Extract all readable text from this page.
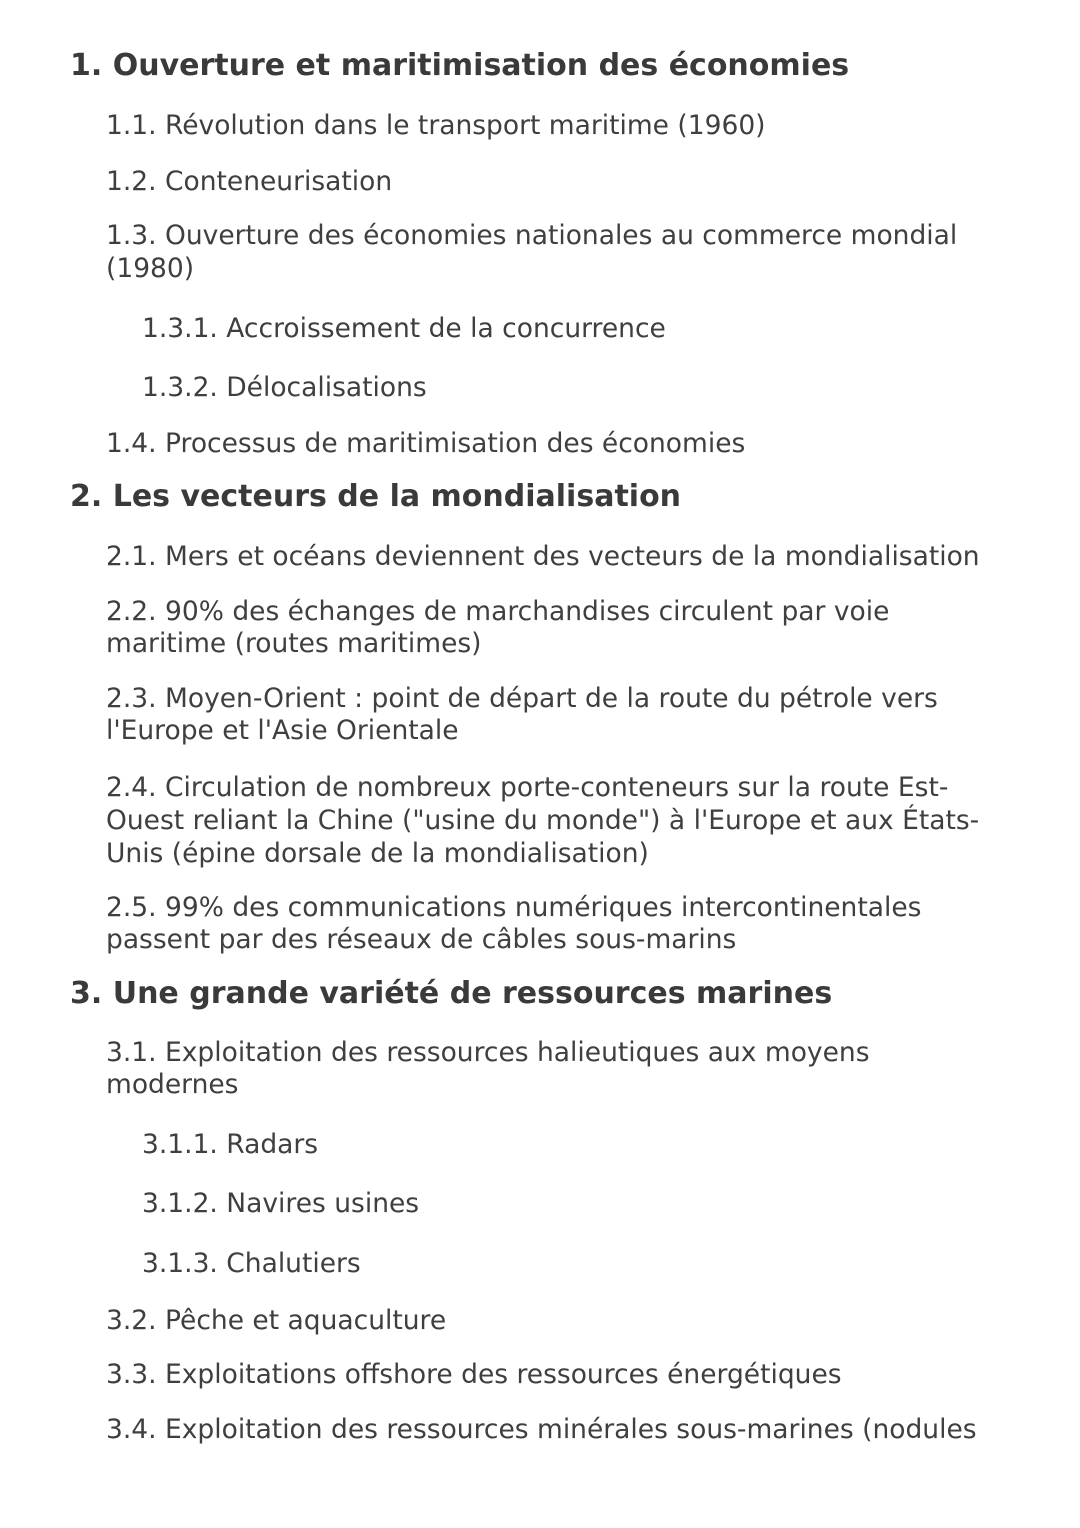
1. Ouverture et maritimisation des économies

1.1. Révolution dans le transport maritime (1960)

1.2. Conteneurisation

1.3. Ouverture des économies nationales au commerce mondial

(1980)

1.3.1. Accroissement de la concurrence

1.3.2. Délocalisations

1.4. Processus de maritimisation des économies

2. Les vecteurs de la mondialisation

2.1. Mers et océans deviennent des vecteurs de la mondialisation

2.2. 90% des échanges de marchandises circulent par voie

maritime (routes maritimes)

2.3. Moyen-Orient : point de départ de la route du pétrole vers

l'Europe et l'Asie Orientale

2.4. Circulation de nombreux porte-conteneurs sur la route Est-

Ouest reliant la Chine ("usine du monde") à l'Europe et aux États-

Unis (épine dorsale de la mondialisation)

2.5. 99% des communications numériques intercontinentales

passent par des réseaux de câbles sous-marins

3. Une grande variété de ressources marines

3.1. Exploitation des ressources halieutiques aux moyens

modernes

3.1.1. Radars

3.1.2. Navires usines

3.1.3. Chalutiers

3.2. Pêche et aquaculture

3.3. Exploitations offshore des ressources énergétiques

3.4. Exploitation des ressources minérales sous-marines (nodules
